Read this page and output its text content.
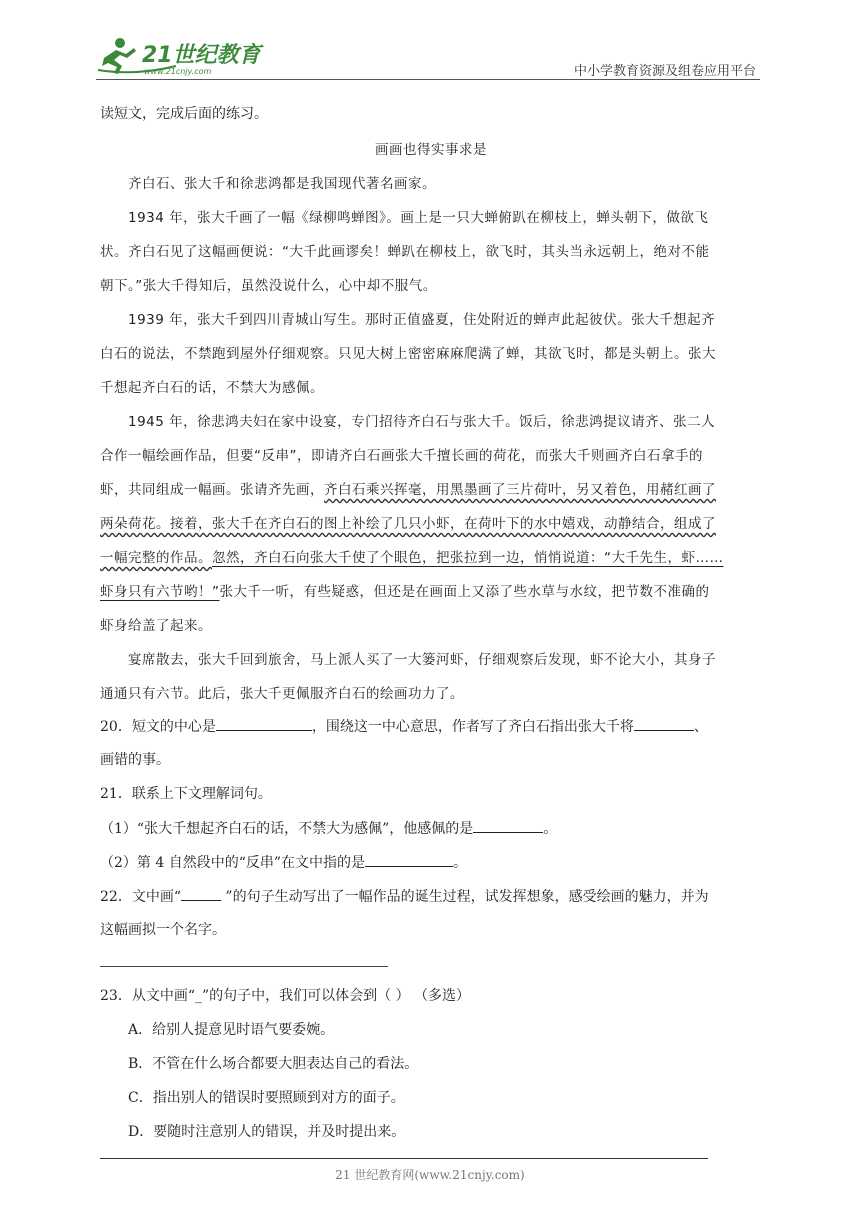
21世纪教育
www.21cnjy.com	中小学教育资源及组卷应用平台
读短文，完成后面的练习。
画画也得实事求是
齐白石、张大千和徐悲鸿都是我国现代著名画家。
1934 年，张大千画了一幅《绿柳鸣蝉图》。画上是一只大蝉俯趴在柳枝上，蝉头朝下，做欲飞
状。齐白石见了这幅画便说：“大千此画谬矣！蝉趴在柳枝上，欲飞时，其头当永远朝上，绝对不能
朝下。”张大千得知后，虽然没说什么，心中却不服气。
1939 年，张大千到四川青城山写生。那时正值盛夏，住处附近的蝉声此起彼伏。张大千想起齐
白石的说法，不禁跑到屋外仔细观察。只见大树上密密麻麻爬满了蝉，其欲飞时，都是头朝上。张大
千想起齐白石的话，不禁大为感佩。
1945 年，徐悲鸿夫妇在家中设宴，专门招待齐白石与张大千。饭后，徐悲鸿提议请齐、张二人
合作一幅绘画作品，但要“反串”，即请齐白石画张大千擅长画的荷花，而张大千则画齐白石拿手的
虾，共同组成一幅画。张请齐先画，齐白石乘兴挥毫，用黑墨画了三片荷叶，另又着色，用赭红画了
两朵荷花。接着，张大千在齐白石的图上补绘了几只小虾，在荷叶下的水中嬉戏，动静结合，组成了
一幅完整的作品。忽然，齐白石向张大千使了个眼色，把张拉到一边，悄悄说道：“大千先生，虾……
虾身只有六节哟！”张大千一听，有些疑惑，但还是在画面上又添了些水草与水纹，把节数不准确的
虾身给盖了起来。
宴席散去，张大千回到旅舍，马上派人买了一大篓河虾，仔细观察后发现，虾不论大小，其身子
通通只有六节。此后，张大千更佩服齐白石的绘画功力了。
20．短文的中心是	，围绕这一中心意思，作者写了齐白石指出张大千将	、
画错的事。
21．联系上下文理解词句。
（1）“张大千想起齐白石的话，不禁大为感佩”，他感佩的是	。
（2）第 4 自然段中的“反串”在文中指的是	。
22．文中画“	”的句子生动写出了一幅作品的诞生过程，试发挥想象，感受绘画的魅力，并为
这幅画拟一个名字。
23．从文中画“_”的句子中，我们可以体会到（ ） （多选）
A．给别人提意见时语气要委婉。
B．不管在什么场合都要大胆表达自己的看法。
C．指出别人的错误时要照顾到对方的面子。
D．要随时注意别人的错误，并及时提出来。
21 世纪教育网(www.21cnjy.com)
